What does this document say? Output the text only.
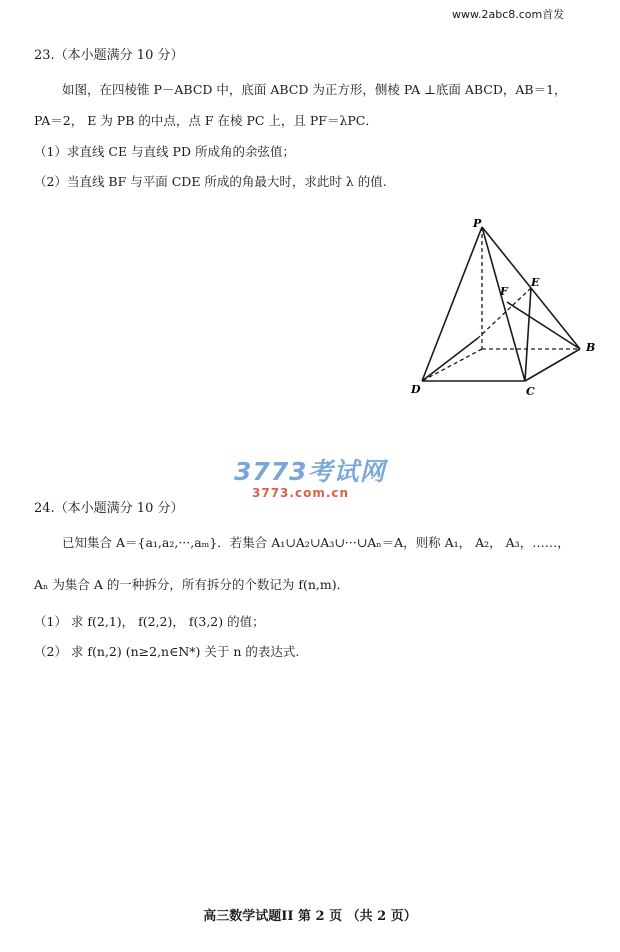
www.2abc8.com首发
23.（本小题满分 10 分）
如图，在四棱锥 P－ABCD 中，底面 ABCD 为正方形，侧棱 PA ⊥底面 ABCD，AB＝1，
PA＝2， E 为 PB 的中点，点 F 在棱 PC 上，且 PF＝λPC．
（1）求直线 CE 与直线 PD 所成角的余弦值；
（2）当直线 BF 与平面 CDE 所成的角最大时，求此时 λ 的值.
P
E
F
B
D	C
3773考试网
3773.com.cn
24.（本小题满分 10 分）
已知集合 A＝{a₁,a₂,···,aₘ}．若集合 A₁∪A₂∪A₃∪···∪Aₙ＝A，则称 A₁， A₂， A₃，……，
Aₙ 为集合 A 的一种拆分，所有拆分的个数记为 f(n,m)．
（1） 求 f(2,1)， f(2,2)， f(3,2) 的值；
（2） 求 f(n,2) (n≥2,n∈N*) 关于 n 的表达式.
高三数学试题II 第 2 页 （共 2 页）
